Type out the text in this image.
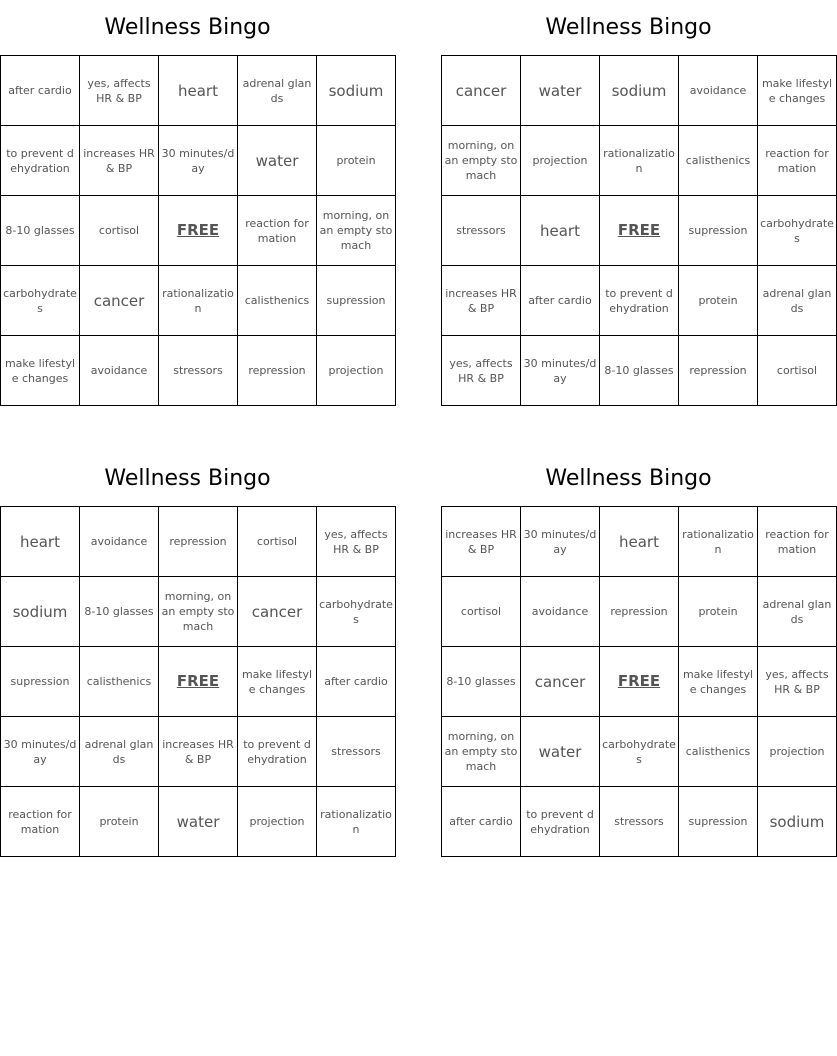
Wellness Bingo
after cardio	yes, affects HR & BP	heart	adrenal glands	sodium
to prevent dehydration	increases HR & BP	30 minutes/day	water	protein
8-10 glasses	cortisol	FREE	reaction formation	morning, on an empty stomach
carbohydrates	cancer	rationalization	calisthenics	supression
make lifestyle changes	avoidance	stressors	repression	projection
Wellness Bingo
cancer	water	sodium	avoidance	make lifestyle changes
morning, on an empty stomach	projection	rationalization	calisthenics	reaction formation
stressors	heart	FREE	supression	carbohydrates
increases HR & BP	after cardio	to prevent dehydration	protein	adrenal glands
yes, affects HR & BP	30 minutes/day	8-10 glasses	repression	cortisol
Wellness Bingo
heart	avoidance	repression	cortisol	yes, affects HR & BP
sodium	8-10 glasses	morning, on an empty stomach	cancer	carbohydrates
supression	calisthenics	FREE	make lifestyle changes	after cardio
30 minutes/day	adrenal glands	increases HR & BP	to prevent dehydration	stressors
reaction formation	protein	water	projection	rationalization
Wellness Bingo
increases HR & BP	30 minutes/day	heart	rationalization	reaction formation
cortisol	avoidance	repression	protein	adrenal glands
8-10 glasses	cancer	FREE	make lifestyle changes	yes, affects HR & BP
morning, on an empty stomach	water	carbohydrates	calisthenics	projection
after cardio	to prevent dehydration	stressors	supression	sodium
